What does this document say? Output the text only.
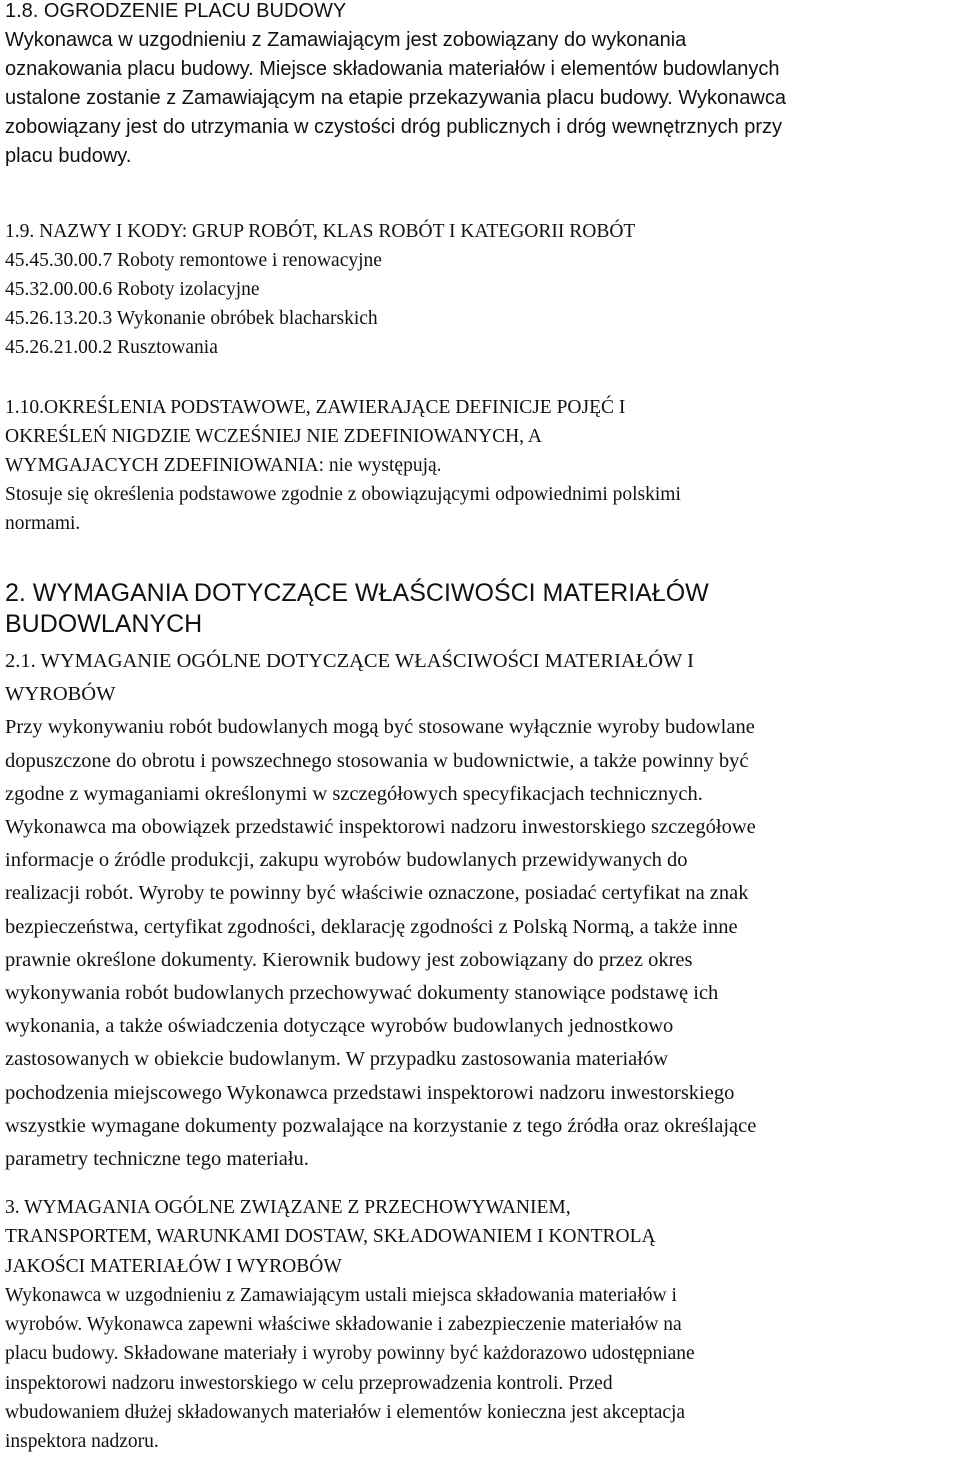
1.8. OGRODZENIE PLACU BUDOWY
Wykonawca w uzgodnieniu z Zamawiającym jest zobowiązany do wykonania
oznakowania placu budowy. Miejsce składowania materiałów i elementów budowlanych
ustalone zostanie z Zamawiającym na etapie przekazywania placu budowy. Wykonawca
zobowiązany jest do utrzymania w czystości dróg publicznych i dróg wewnętrznych przy
placu budowy.
1.9. NAZWY I KODY: GRUP ROBÓT, KLAS ROBÓT I KATEGORII ROBÓT
45.45.30.00.7 Roboty remontowe i renowacyjne
45.32.00.00.6 Roboty izolacyjne
45.26.13.20.3 Wykonanie obróbek blacharskich
45.26.21.00.2 Rusztowania
1.10.OKREŚLENIA PODSTAWOWE, ZAWIERAJĄCE DEFINICJE POJĘĆ I
OKREŚLEŃ NIGDZIE WCZEŚNIEJ NIE ZDEFINIOWANYCH, A
WYMGAJACYCH ZDEFINIOWANIA: nie występują.
Stosuje się określenia podstawowe zgodnie z obowiązującymi odpowiednimi polskimi
normami.
2. WYMAGANIA DOTYCZĄCE WŁAŚCIWOŚCI MATERIAŁÓW
BUDOWLANYCH
2.1. WYMAGANIE OGÓLNE DOTYCZĄCE WŁAŚCIWOŚCI MATERIAŁÓW I
WYROBÓW
Przy wykonywaniu robót budowlanych mogą być stosowane wyłącznie wyroby budowlane
dopuszczone do obrotu i powszechnego stosowania w budownictwie, a także powinny być
zgodne z wymaganiami określonymi w szczegółowych specyfikacjach technicznych.
Wykonawca ma obowiązek przedstawić inspektorowi nadzoru inwestorskiego szczegółowe
informacje o źródle produkcji, zakupu wyrobów budowlanych przewidywanych do
realizacji robót. Wyroby te powinny być właściwie oznaczone, posiadać certyfikat na znak
bezpieczeństwa, certyfikat zgodności, deklarację zgodności z Polską Normą, a także inne
prawnie określone dokumenty. Kierownik budowy jest zobowiązany do przez okres
wykonywania robót budowlanych przechowywać dokumenty stanowiące podstawę ich
wykonania, a także oświadczenia dotyczące wyrobów budowlanych jednostkowo
zastosowanych w obiekcie budowlanym. W przypadku zastosowania materiałów
pochodzenia miejscowego Wykonawca przedstawi inspektorowi nadzoru inwestorskiego
wszystkie wymagane dokumenty pozwalające na korzystanie z tego źródła oraz określające
parametry techniczne tego materiału.
3. WYMAGANIA OGÓLNE ZWIĄZANE Z PRZECHOWYWANIEM,
TRANSPORTEM, WARUNKAMI DOSTAW, SKŁADOWANIEM I KONTROLĄ
JAKOŚCI MATERIAŁÓW I WYROBÓW
Wykonawca w uzgodnieniu z Zamawiającym ustali miejsca składowania materiałów i
wyrobów. Wykonawca zapewni właściwe składowanie i zabezpieczenie materiałów na
placu budowy. Składowane materiały i wyroby powinny być każdorazowo udostępniane
inspektorowi nadzoru inwestorskiego w celu przeprowadzenia kontroli. Przed
wbudowaniem dłużej składowanych materiałów i elementów konieczna jest akceptacja
inspektora nadzoru.
